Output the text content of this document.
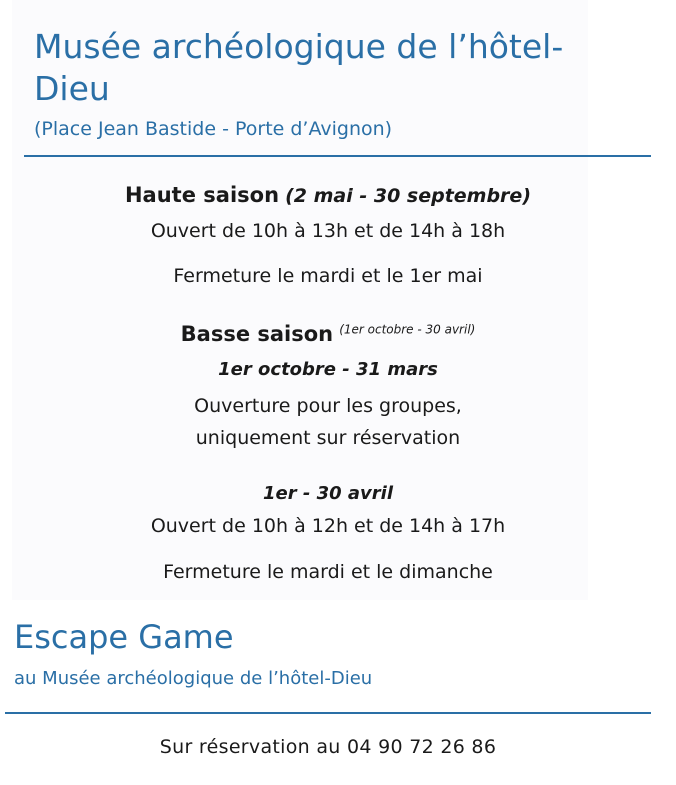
Musée archéologique de l’hôtel-Dieu

(Place Jean Bastide - Porte d’Avignon)

Haute saison (2 mai - 30 septembre)
Ouvert de 10h à 13h et de 14h à 18h
Fermeture le mardi et le 1er mai
Basse saison $^{(1er octobre - 30 avril)}$
1er octobre - 31 mars
Ouverture pour les groupes,
uniquement sur réservation
1er - 30 avril
Ouvert de 10h à 12h et de 14h à 17h
Fermeture le mardi et le dimanche
Escape Game

au Musée archéologique de l’hôtel-Dieu

Sur réservation au 04 90 72 26 86
